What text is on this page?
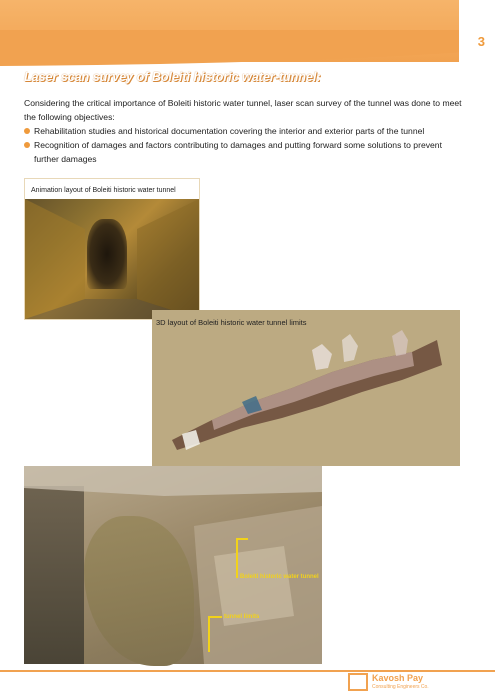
3
Laser scan survey of Boleiti historic water-tunnel:
Considering the critical importance of Boleiti historic water tunnel, laser scan survey of the tunnel was done to meet the following objectives:
Rehabilitation studies and historical documentation covering the interior and exterior parts of the tunnel
Recognition of damages and factors contributing to damages and putting forward some solutions to prevent further damages
Animation layout of Boleiti historic water tunnel
3D layout of Boleiti historic water tunnel limits
Boleiti historic water tunnel
tunnel limits
Kavosh Pay
Consulting Engineers Co.
